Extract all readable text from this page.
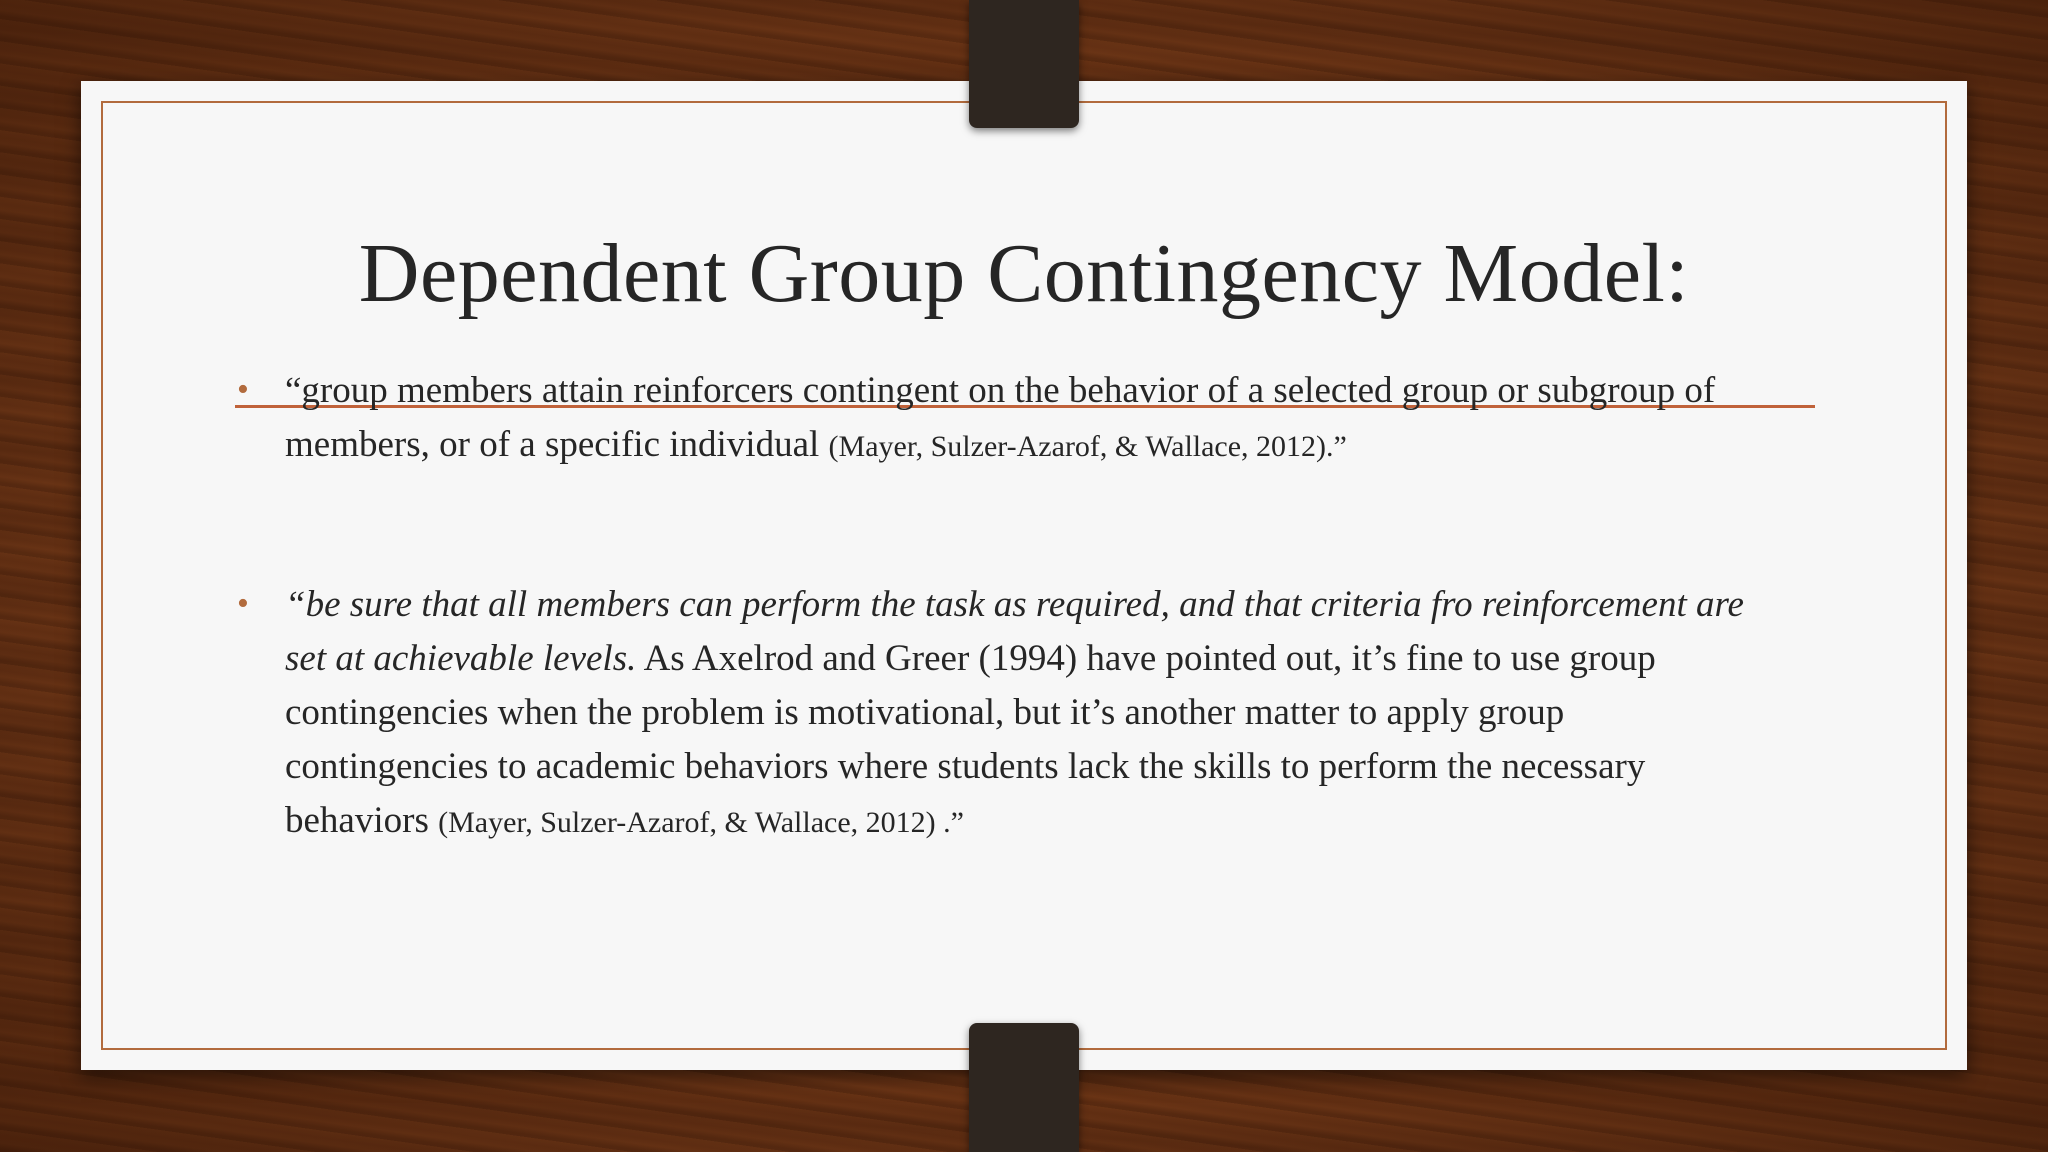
Dependent Group Contingency Model:
• “group members attain reinforcers contingent on the behavior of a selected group or subgroup of members, or of a specific individual (Mayer, Sulzer-Azarof, & Wallace, 2012).”
• “be sure that all members can perform the task as required, and that criteria fro reinforcement are set at achievable levels. As Axelrod and Greer (1994) have pointed out, it’s fine to use group contingencies when the problem is motivational, but it’s another matter to apply group contingencies to academic behaviors where students lack the skills to perform the necessary behaviors (Mayer, Sulzer-Azarof, & Wallace, 2012) .”
